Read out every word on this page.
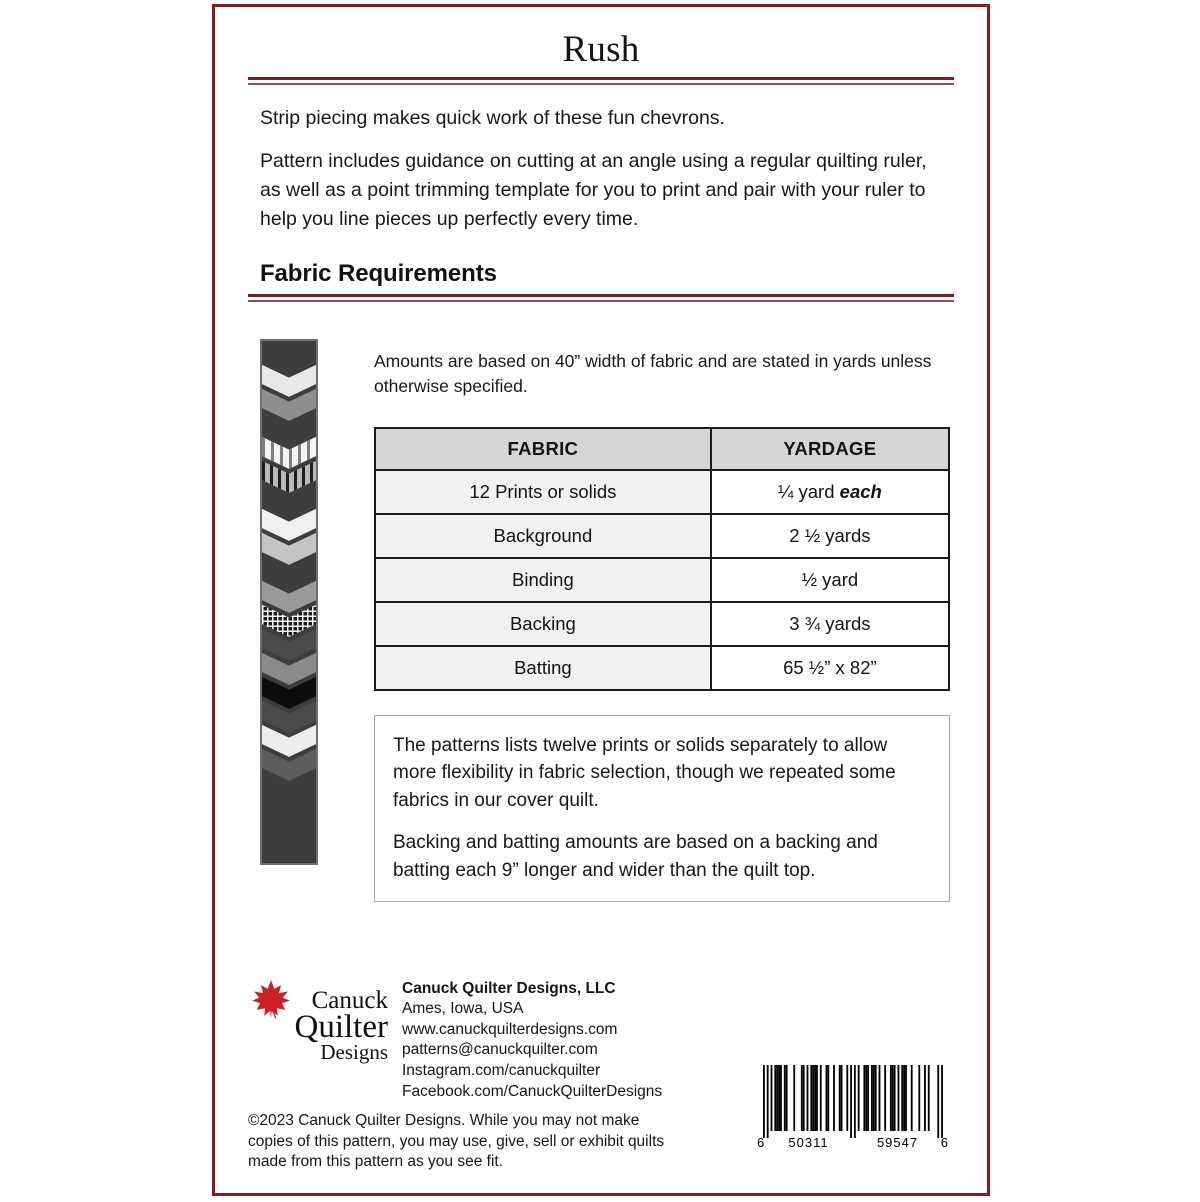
Rush

Strip piecing makes quick work of these fun chevrons.

Pattern includes guidance on cutting at an angle using a regular quilting ruler, as well as a point trimming template for you to print and pair with your ruler to help you line pieces up perfectly every time.

Fabric Requirements
Amounts are based on 40” width of fabric and are stated in yards unless otherwise specified.
FABRIC	YARDAGE
12 Prints or solids	¼ yard each
Background	2 ½ yards
Binding	½ yard
Backing	3 ¾ yards
Batting	65 ½” x 82”

The patterns lists twelve prints or solids separately to allow more flexibility in fabric selection, though we repeated some fabrics in our cover quilt.

Backing and batting amounts are based on a backing and batting each 9” longer and wider than the quilt top.

Canuck
Quilter
Designs
Canuck Quilter Designs, LLC
Ames, Iowa, USA
www.canuckquilterdesigns.com
patterns@canuckquilter.com
Instagram.com/canuckquilter
Facebook.com/CanuckQuilterDesigns
©2023 Canuck Quilter Designs. While you may not make
copies of this pattern, you may use, give, sell or exhibit quilts
made from this pattern as you see fit.
6 50311	59547 6
